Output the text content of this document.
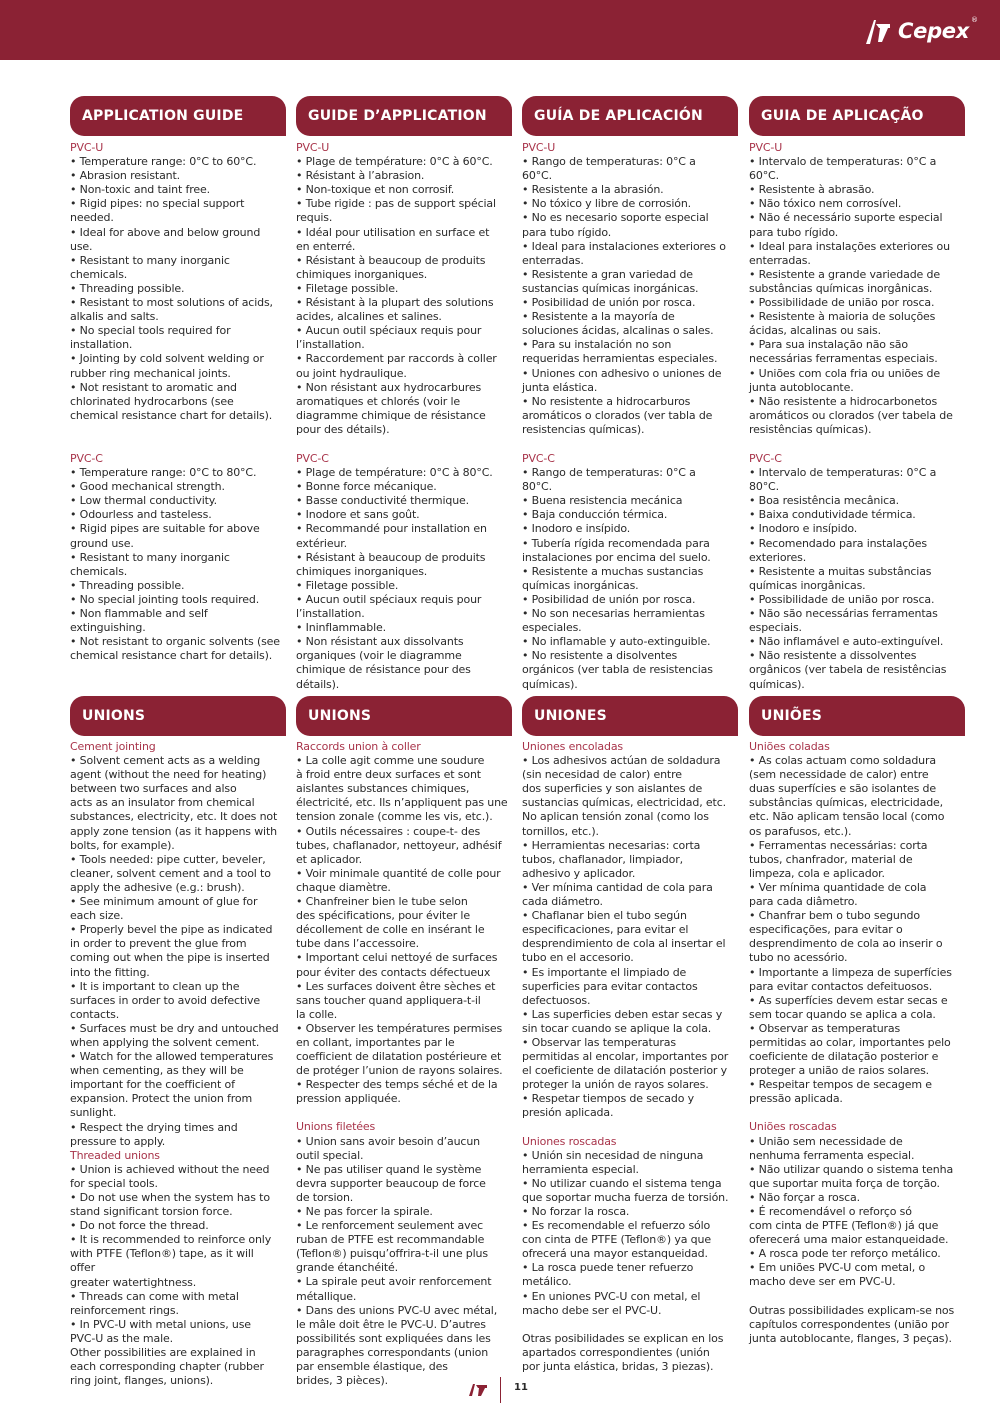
Cepex ®
APPLICATION GUIDE
UNIONS
GUIDE D’APPLICATION
UNIONS
GUÍA DE APLICACIÓN
UNIONES
GUIA DE APLICAÇÃO
UNIÕES

PVC-U

• Temperature range: 0°C to 60°C.

• Abrasion resistant.

• Non-toxic and taint free.

• Rigid pipes: no special support

needed.

• Ideal for above and below ground

use.

• Resistant to many inorganic

chemicals.

• Threading possible.

• Resistant to most solutions of acids,

alkalis and salts.

• No special tools required for

installation.

• Jointing by cold solvent welding or

rubber ring mechanical joints.

• Not resistant to aromatic and

chlorinated hydrocarbons (see

chemical resistance chart for details).

PVC-C

• Temperature range: 0°C to 80°C.

• Good mechanical strength.

• Low thermal conductivity.

• Odourless and tasteless.

• Rigid pipes are suitable for above

ground use.

• Resistant to many inorganic

chemicals.

• Threading possible.

• No special jointing tools required.

• Non flammable and self

extinguishing.

• Not resistant to organic solvents (see

chemical resistance chart for details).

Cement jointing

• Solvent cement acts as a welding

agent (without the need for heating)

between two surfaces and also

acts as an insulator from chemical

substances, electricity, etc. It does not

apply zone tension (as it happens with

bolts, for example).

• Tools needed: pipe cutter, beveler,

cleaner, solvent cement and a tool to

apply the adhesive (e.g.: brush).

• See minimum amount of glue for

each size.

• Properly bevel the pipe as indicated

in order to prevent the glue from

coming out when the pipe is inserted

into the fitting.

• It is important to clean up the

surfaces in order to avoid defective

contacts.

• Surfaces must be dry and untouched

when applying the solvent cement.

• Watch for the allowed temperatures

when cementing, as they will be

important for the coefficient of

expansion. Protect the union from

sunlight.

• Respect the drying times and

pressure to apply.

Threaded unions

• Union is achieved without the need

for special tools.

• Do not use when the system has to

stand significant torsion force.

• Do not force the thread.

• It is recommended to reinforce only

with PTFE (Teflon®) tape, as it will offer

greater watertightness.

• Threads can come with metal

reinforcement rings.

• In PVC-U with metal unions, use

PVC-U as the male.

Other possibilities are explained in

each corresponding chapter (rubber

ring joint, flanges, unions).

PVC-U

• Plage de température: 0°C à 60°C.

• Résistant à l’abrasion.

• Non-toxique et non corrosif.

• Tube rigide : pas de support spécial

requis.

• Idéal pour utilisation en surface et

en enterré.

• Résistant à beaucoup de produits

chimiques inorganiques.

• Filetage possible.

• Résistant à la plupart des solutions

acides, alcalines et salines.

• Aucun outil spéciaux requis pour

l’installation.

• Raccordement par raccords à coller

ou joint hydraulique.

• Non résistant aux hydrocarbures

aromatiques et chlorés (voir le

diagramme chimique de résistance

pour des détails).

PVC-C

• Plage de température: 0°C à 80°C.

• Bonne force mécanique.

• Basse conductivité thermique.

• Inodore et sans goût.

• Recommandé pour installation en

extérieur.

• Résistant à beaucoup de produits

chimiques inorganiques.

• Filetage possible.

• Aucun outil spéciaux requis pour

l’installation.

• Ininflammable.

• Non résistant aux dissolvants

organiques (voir le diagramme

chimique de résistance pour des

détails).

Raccords union à coller

• La colle agit comme une soudure

à froid entre deux surfaces et sont

aislantes substances chimiques,

électricité, etc. Ils n’appliquent pas une

tension zonale (comme les vis, etc.).

• Outils nécessaires : coupe-t- des

tubes, chaflanador, nettoyeur, adhésif

et aplicador.

• Voir minimale quantité de colle pour

chaque diamètre.

• Chanfreiner bien le tube selon

des spécifications, pour éviter le

décollement de colle en insérant le

tube dans l’accessoire.

• Important celui nettoyé de surfaces

pour éviter des contacts défectueux

• Les surfaces doivent être sèches et

sans toucher quand appliquera-t-il

la colle.

• Observer les températures permises

en collant, importantes par le

coefficient de dilatation postérieure et

de protéger l’union de rayons solaires.

• Respecter des temps séché et de la

pression appliquée.

Unions filetées

• Union sans avoir besoin d’aucun

outil special.

• Ne pas utiliser quand le système

devra supporter beaucoup de force

de torsion.

• Ne pas forcer la spirale.

• Le renforcement seulement avec

ruban de PTFE est recommandable

(Teflon®) puisqu’offrira-t-il une plus

grande étanchéité.

• La spirale peut avoir renforcement

métallique.

• Dans des unions PVC-U avec métal,

le mâle doit être le PVC-U. D’autres

possibilités sont expliquées dans les

paragraphes correspondants (union

par ensemble élastique, des

brides, 3 pièces).

PVC-U

• Rango de temperaturas: 0°C a

60°C.

• Resistente a la abrasión.

• No tóxico y libre de corrosión.

• No es necesario soporte especial

para tubo rígido.

• Ideal para instalaciones exteriores o

enterradas.

• Resistente a gran variedad de

sustancias químicas inorgánicas.

• Posibilidad de unión por rosca.

• Resistente a la mayoría de

soluciones ácidas, alcalinas o sales.

• Para su instalación no son

requeridas herramientas especiales.

• Uniones con adhesivo o uniones de

junta elástica.

• No resistente a hidrocarburos

aromáticos o clorados (ver tabla de

resistencias químicas).

PVC-C

• Rango de temperaturas: 0°C a

80°C.

• Buena resistencia mecánica

• Baja conducción térmica.

• Inodoro e insípido.

• Tubería rígida recomendada para

instalaciones por encima del suelo.

• Resistente a muchas sustancias

químicas inorgánicas.

• Posibilidad de unión por rosca.

• No son necesarias herramientas

especiales.

• No inflamable y auto-extinguible.

• No resistente a disolventes

orgánicos (ver tabla de resistencias

químicas).

Uniones encoladas

• Los adhesivos actúan de soldadura

(sin necesidad de calor) entre

dos superficies y son aislantes de

sustancias químicas, electricidad, etc.

No aplican tensión zonal (como los

tornillos, etc.).

• Herramientas necesarias: corta

tubos, chaflanador, limpiador,

adhesivo y aplicador.

• Ver mínima cantidad de cola para

cada diámetro.

• Chaflanar bien el tubo según

especificaciones, para evitar el

desprendimiento de cola al insertar el

tubo en el accesorio.

• Es importante el limpiado de

superficies para evitar contactos

defectuosos.

• Las superficies deben estar secas y

sin tocar cuando se aplique la cola.

• Observar las temperaturas

permitidas al encolar, importantes por

el coeficiente de dilatación posterior y

proteger la unión de rayos solares.

• Respetar tiempos de secado y

presión aplicada.

Uniones roscadas

• Unión sin necesidad de ninguna

herramienta especial.

• No utilizar cuando el sistema tenga

que soportar mucha fuerza de torsión.

• No forzar la rosca.

• Es recomendable el refuerzo sólo

con cinta de PTFE (Teflon®) ya que

ofrecerá una mayor estanqueidad.

• La rosca puede tener refuerzo

metálico.

• En uniones PVC-U con metal, el

macho debe ser el PVC-U.

Otras posibilidades se explican en los

apartados correspondientes (unión

por junta elástica, bridas, 3 piezas).

PVC-U

• Intervalo de temperaturas: 0°C a

60°C.

• Resistente à abrasão.

• Não tóxico nem corrosível.

• Não é necessário suporte especial

para tubo rígido.

• Ideal para instalações exteriores ou

enterradas.

• Resistente a grande variedade de

substâncias químicas inorgânicas.

• Possibilidade de união por rosca.

• Resistente à maioria de soluções

ácidas, alcalinas ou sais.

• Para sua instalação não são

necessárias ferramentas especiais.

• Uniões com cola fria ou uniões de

junta autoblocante.

• Não resistente a hidrocarbonetos

aromáticos ou clorados (ver tabela de

resistências químicas).

PVC-C

• Intervalo de temperaturas: 0°C a

80°C.

• Boa resistência mecânica.

• Baixa condutividade térmica.

• Inodoro e insípido.

• Recomendado para instalações

exteriores.

• Resistente a muitas substâncias

químicas inorgânicas.

• Possibilidade de união por rosca.

• Não são necessárias ferramentas

especiais.

• Não inflamável e auto-extinguível.

• Não resistente a dissolventes

orgânicos (ver tabela de resistências

químicas).

Uniões coladas

• As colas actuam como soldadura

(sem necessidade de calor) entre

duas superfícies e são isolantes de

substâncias químicas, electricidade,

etc. Não aplicam tensão local (como

os parafusos, etc.).

• Ferramentas necessárias: corta

tubos, chanfrador, material de

limpeza, cola e aplicador.

• Ver mínima quantidade de cola

para cada diâmetro.

• Chanfrar bem o tubo segundo

especificações, para evitar o

desprendimento de cola ao inserir o

tubo no acessório.

• Importante a limpeza de superfícies

para evitar contactos defeituosos.

• As superfícies devem estar secas e

sem tocar quando se aplica a cola.

• Observar as temperaturas

permitidas ao colar, importantes pelo

coeficiente de dilatação posterior e

proteger a união de raios solares.

• Respeitar tempos de secagem e

pressão aplicada.

Uniões roscadas

• União sem necessidade de

nenhuma ferramenta especial.

• Não utilizar quando o sistema tenha

que suportar muita força de torção.

• Não forçar a rosca.

• É recomendável o reforço só

com cinta de PTFE (Teflon®) já que

oferecerá uma maior estanqueidade.

• A rosca pode ter reforço metálico.

• Em uniões PVC-U com metal, o

macho deve ser em PVC-U.

Outras possibilidades explicam-se nos

capítulos correspondentes (união por

junta autoblocante, flanges, 3 peças).

11
